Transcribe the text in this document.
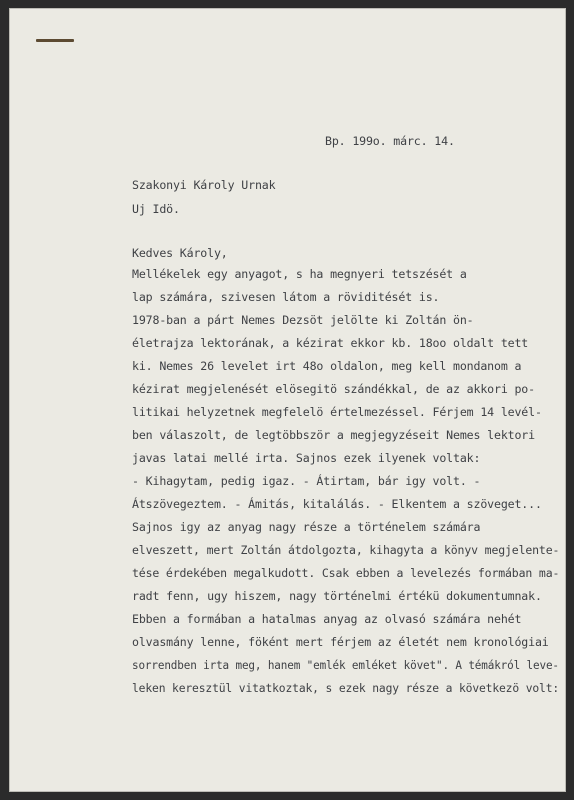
Bp. 199o. márc. 14.
Szakonyi Károly Urnak
Uj Idö.
Kedves Károly,
Mellékelek egy anyagot, s ha megnyeri tetszését a
lap számára, szivesen látom a röviditését is.
1978-ban a párt Nemes Dezsöt jelölte ki Zoltán ön-
életrajza lektorának, a kézirat ekkor kb. 18oo oldalt tett
ki. Nemes 26 levelet irt 48o oldalon, meg kell mondanom a
kézirat megjelenését elösegitö szándékkal, de az akkori po-
litikai helyzetnek megfelelö értelmezéssel. Férjem 14 levél-
ben válaszolt, de legtöbbször a megjegyzéseit Nemes lektori
javas latai mellé irta. Sajnos ezek ilyenek voltak:
- Kihagytam, pedig igaz. - Átirtam, bár igy volt. -
Átszövegeztem. - Ámitás, kitalálás. - Elkentem a szöveget...
Sajnos igy az anyag nagy része a történelem számára
elveszett, mert Zoltán átdolgozta, kihagyta a könyv megjelente-
tése érdekében megalkudott. Csak ebben a levelezés formában ma-
radt fenn, ugy hiszem, nagy történelmi értékü dokumentumnak.
Ebben a formában a hatalmas anyag az olvasó számára nehét
olvasmány lenne, föként mert férjem az életét nem kronológiai
sorrendben irta meg, hanem "emlék emléket követ". A témákról leve-
leken keresztül vitatkoztak, s ezek nagy része a következö volt:
